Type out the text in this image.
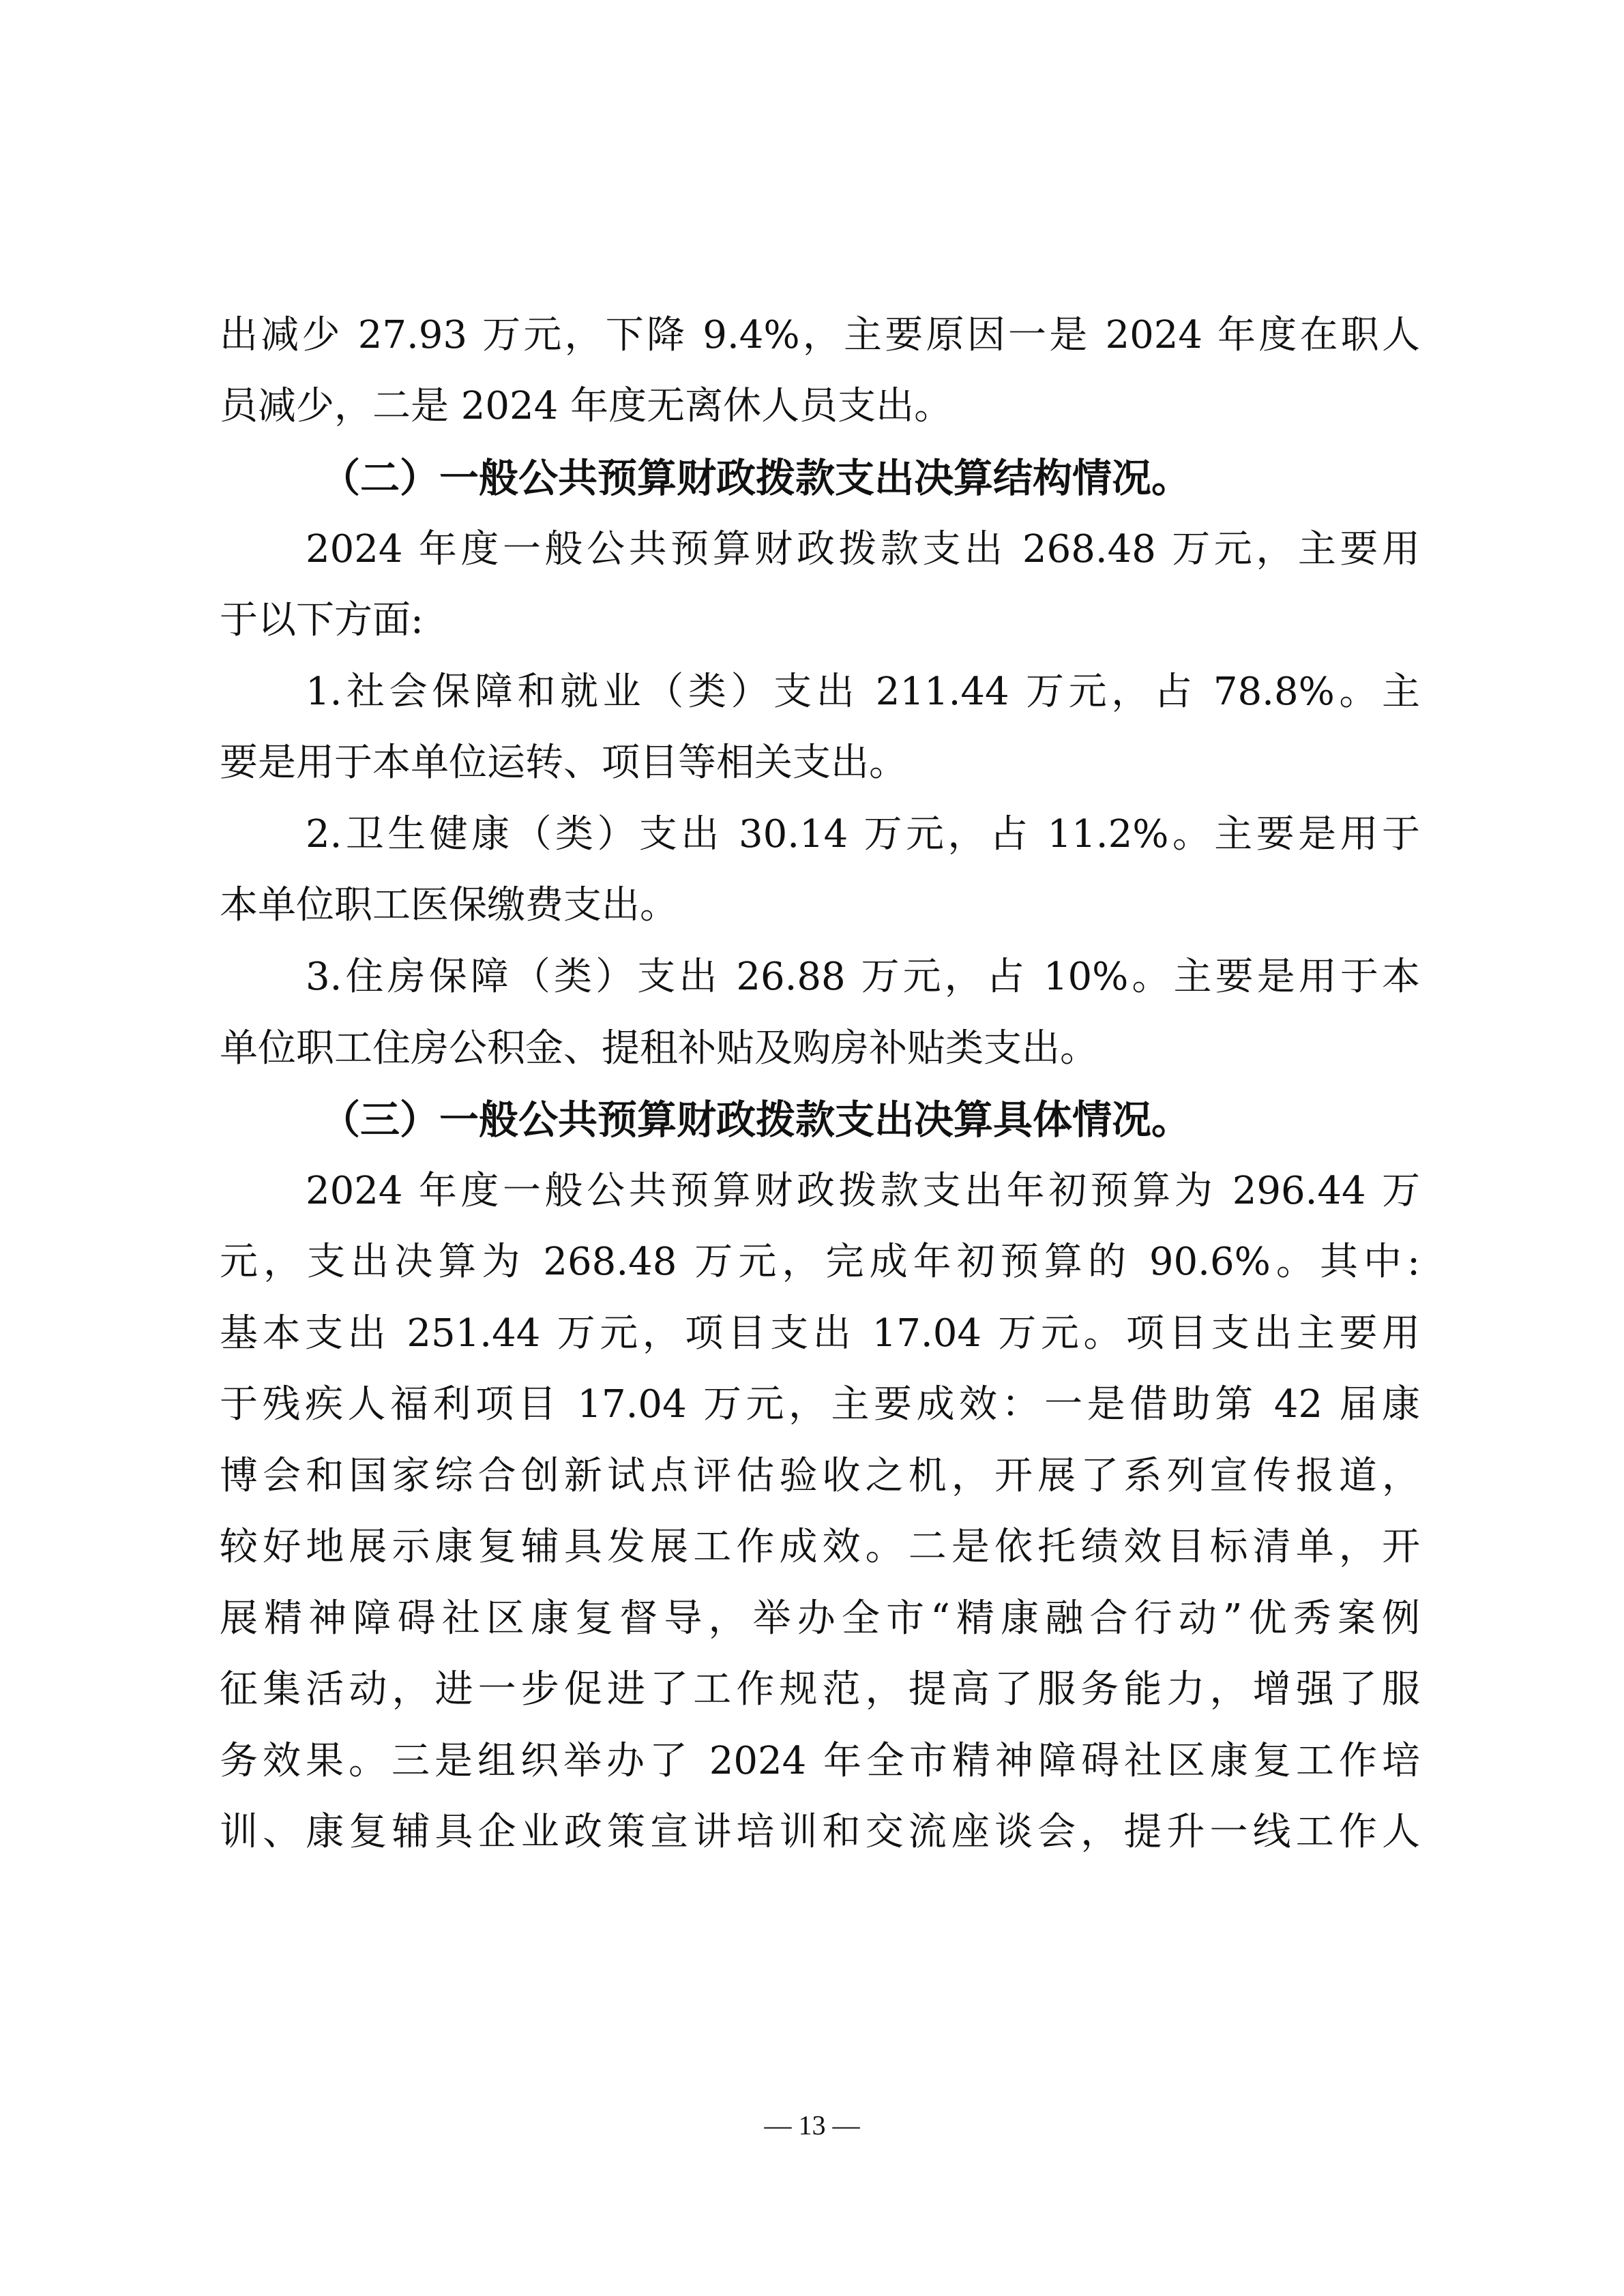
出减少 27.93 万元，下降 9.4%，主要原因一是 2024 年度在职人
员减少，二是 2024 年度无离休人员支出。
（二）一般公共预算财政拨款支出决算结构情况。
2024 年度一般公共预算财政拨款支出 268.48 万元，主要用
于以下方面:
1.社会保障和就业（类）支出 211.44 万元，占 78.8%。主
要是用于本单位运转、项目等相关支出。
2.卫生健康（类）支出 30.14 万元，占 11.2%。主要是用于
本单位职工医保缴费支出。
3.住房保障（类）支出 26.88 万元，占 10%。主要是用于本
单位职工住房公积金、提租补贴及购房补贴类支出。
（三）一般公共预算财政拨款支出决算具体情况。
2024 年度一般公共预算财政拨款支出年初预算为 296.44 万
元，支出决算为 268.48 万元，完成年初预算的 90.6%。其中:
基本支出 251.44 万元，项目支出 17.04 万元。项目支出主要用
于残疾人福利项目 17.04 万元，主要成效：一是借助第 42 届康
博会和国家综合创新试点评估验收之机，开展了系列宣传报道，
较好地展示康复辅具发展工作成效。二是依托绩效目标清单，开
展精神障碍社区康复督导，举办全市“精康融合行动”优秀案例
征集活动，进一步促进了工作规范，提高了服务能力，增强了服
务效果。三是组织举办了 2024 年全市精神障碍社区康复工作培
训、康复辅具企业政策宣讲培训和交流座谈会，提升一线工作人
— 13 —
